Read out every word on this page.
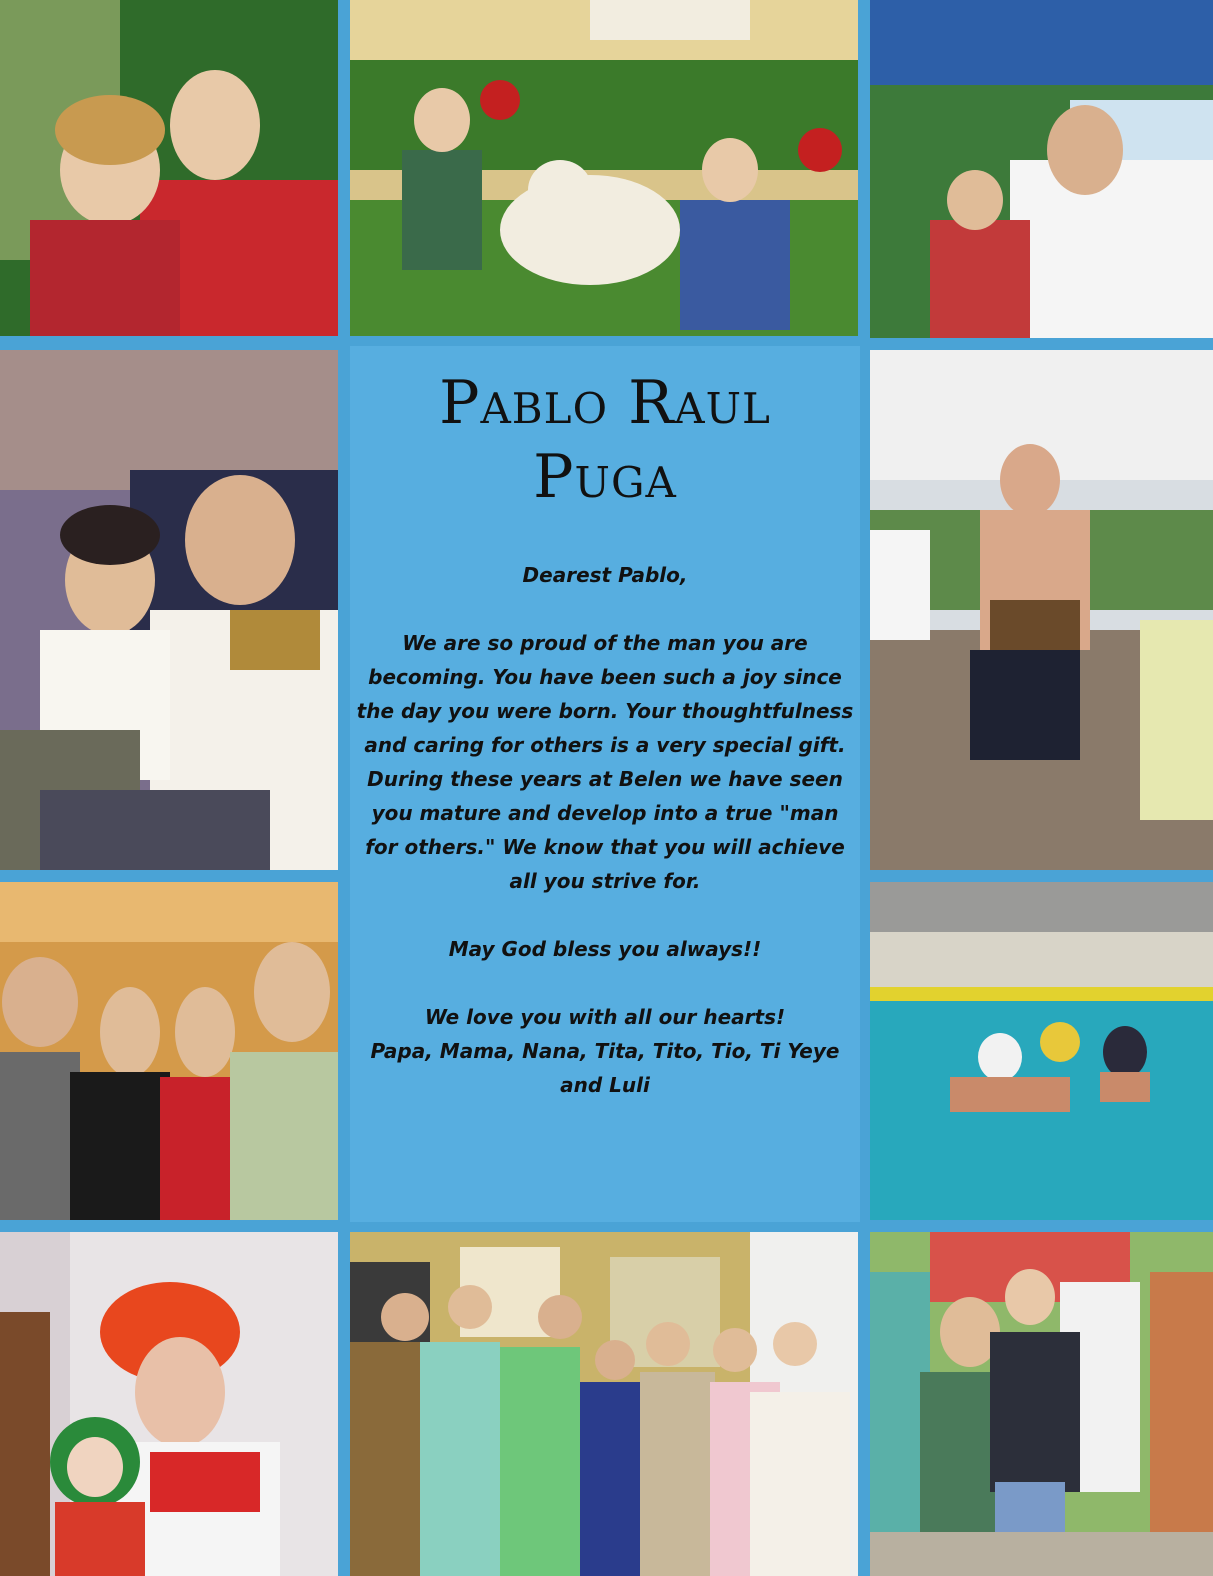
Pablo Raul
Puga

Dearest Pablo,

We are so proud of the man you are becoming. You have been such a joy since the day you were born. Your thoughtfulness and caring for others is a very special gift. During these years at Belen we have seen you mature and develop into a true "man for others." We know that you will achieve all you strive for.

May God bless you always!!

We love you with all our hearts!

Papa, Mama, Nana, Tita, Tito, Tio, Ti Yeye and Luli
